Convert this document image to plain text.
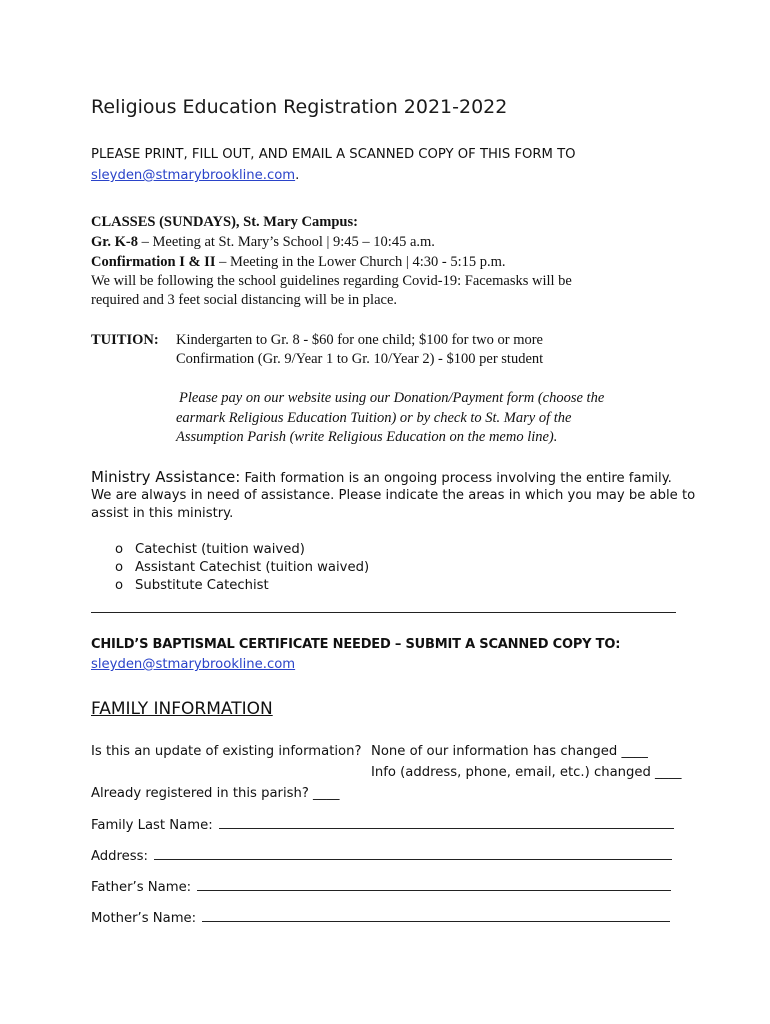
Religious Education Registration 2021-2022
PLEASE PRINT, FILL OUT, AND EMAIL A SCANNED COPY OF THIS FORM TO
sleyden@stmarybrookline.com.
CLASSES (SUNDAYS), St. Mary Campus:
Gr. K-8 – Meeting at St. Mary’s School | 9:45 – 10:45 a.m.
Confirmation I & II – Meeting in the Lower Church | 4:30 - 5:15 p.m.
We will be following the school guidelines regarding Covid-19: Facemasks will be
required and 3 feet social distancing will be in place.
TUITION: Kindergarten to Gr. 8 - $60 for one child; $100 for two or more
Confirmation (Gr. 9/Year 1 to Gr. 10/Year 2) - $100 per student
Please pay on our website using our Donation/Payment form (choose the
earmark Religious Education Tuition) or by check to St. Mary of the
Assumption Parish (write Religious Education on the memo line).
Ministry Assistance: Faith formation is an ongoing process involving the entire family.
We are always in need of assistance. Please indicate the areas in which you may be able to
assist in this ministry.
o Catechist (tuition waived)
o Assistant Catechist (tuition waived)
o Substitute Catechist
CHILD’S BAPTISMAL CERTIFICATE NEEDED – SUBMIT A SCANNED COPY TO:
sleyden@stmarybrookline.com
FAMILY INFORMATION
Is this an update of existing information? None of our information has changed ____
Info (address, phone, email, etc.) changed ____
Already registered in this parish? ____
Family Last Name:
Address:
Father’s Name:
Mother’s Name:
